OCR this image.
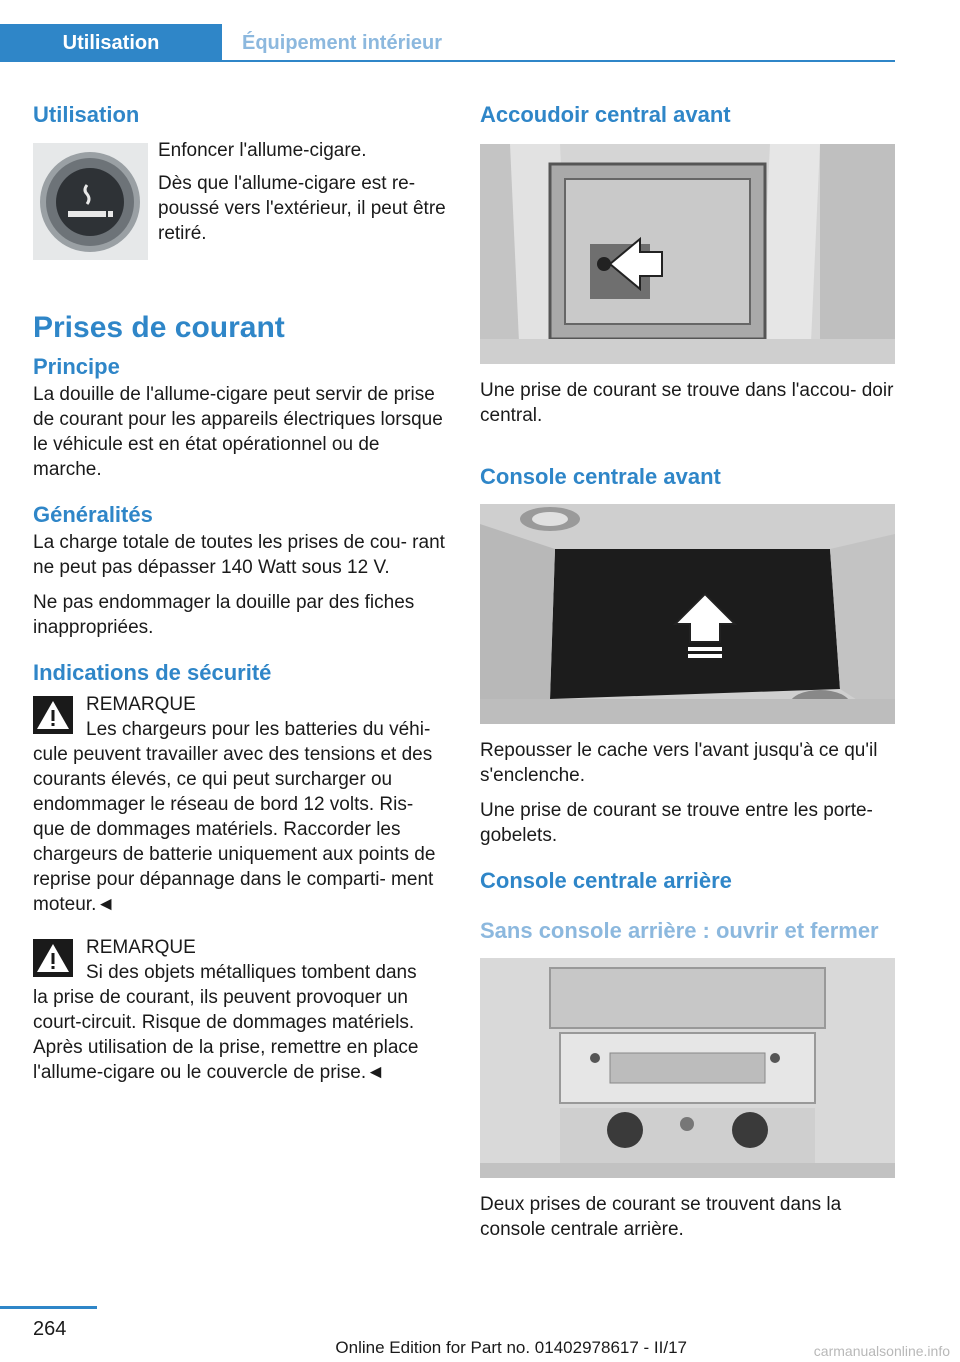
Utilisation	Équipement intérieur
Utilisation

Enfoncer l'allume-cigare.

Dès que l'allume-cigare est re‐ poussé vers l'extérieur, il peut être retiré.

Prises de courant
Principe

La douille de l'allume-cigare peut servir de prise de courant pour les appareils électriques lorsque le véhicule est en état opérationnel ou de marche.

Généralités

La charge totale de toutes les prises de cou‐ rant ne peut pas dépasser 140 Watt sous 12 V.

Ne pas endommager la douille par des fiches inappropriées.

Indications de sécurité

REMARQUE

Les chargeurs pour les batteries du véhi‐

cule peuvent travailler avec des tensions et des courants élevés, ce qui peut surcharger ou endommager le réseau de bord 12 volts. Ris‐ que de dommages matériels. Raccorder les chargeurs de batterie uniquement aux points de reprise pour dépannage dans le comparti‐ ment moteur.◄

REMARQUE

Si des objets métalliques tombent dans

la prise de courant, ils peuvent provoquer un court-circuit. Risque de dommages matériels. Après utilisation de la prise, remettre en place l'allume-cigare ou le couvercle de prise.◄

Accoudoir central avant

Une prise de courant se trouve dans l'accou‐ doir central.

Console centrale avant

Repousser le cache vers l'avant jusqu'à ce qu'il s'enclenche.

Une prise de courant se trouve entre les porte- gobelets.

Console centrale arrière
Sans console arrière : ouvrir et fermer

Deux prises de courant se trouvent dans la console centrale arrière.

264
Online Edition for Part no. 01402978617 - II/17	carmanualsonline.info
